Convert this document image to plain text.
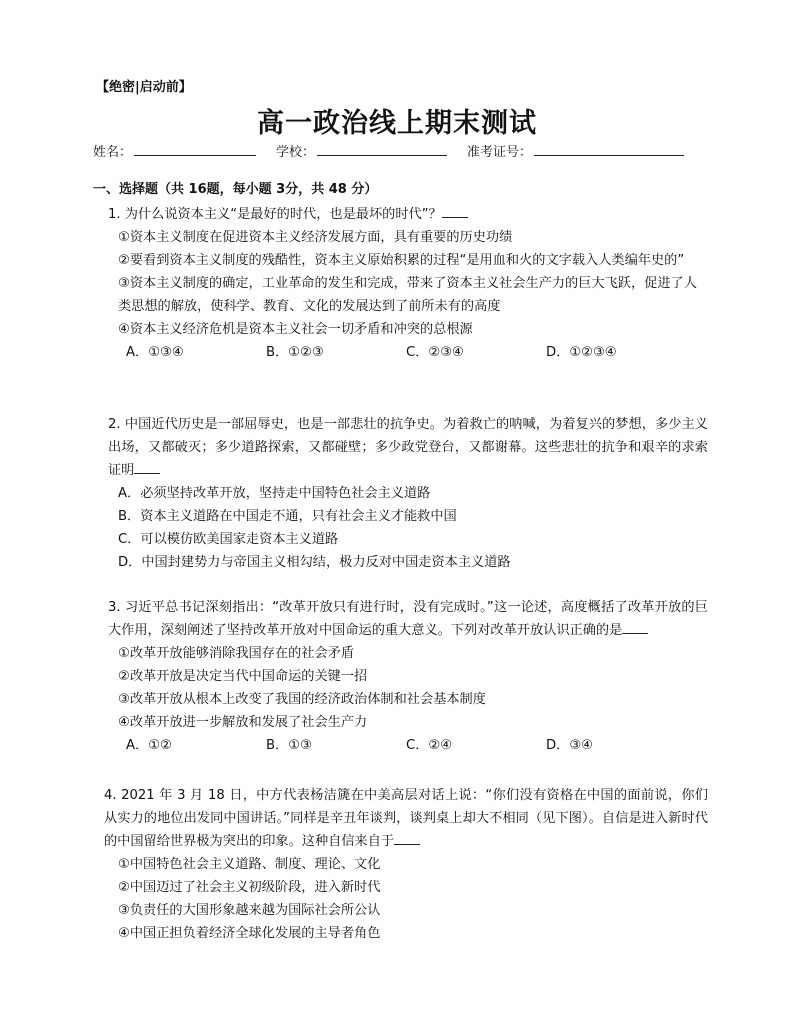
【绝密|启动前】
高一政治线上期末测试
姓名：	学校：	准考证号：
一、选择题（共 16题，每小题 3分，共 48 分）

1. 为什么说资本主义“是最好的时代，也是最坏的时代”？

①资本主义制度在促进资本主义经济发展方面，具有重要的历史功绩

②要看到资本主义制度的残酷性，资本主义原始积累的过程“是用血和火的文字载入人类编年史的”

③资本主义制度的确定，工业革命的发生和完成，带来了资本主义社会生产力的巨大飞跃，促进了人类思想的解放，使科学、教育、文化的发展达到了前所未有的高度

④资本主义经济危机是资本主义社会一切矛盾和冲突的总根源

A．①③④	B．①②③	C．②③④	D．①②③④

2. 中国近代历史是一部屈辱史，也是一部悲壮的抗争史。为着救亡的呐喊，为着复兴的梦想，多少主义出场，又都破灭；多少道路探索，又都碰壁；多少政党登台，又都谢幕。这些悲壮的抗争和艰辛的求索证明

A．必须坚持改革开放，坚持走中国特色社会主义道路

B．资本主义道路在中国走不通，只有社会主义才能救中国

C．可以模仿欧美国家走资本主义道路

D．中国封建势力与帝国主义相勾结，极力反对中国走资本主义道路

3. 习近平总书记深刻指出：“改革开放只有进行时，没有完成时。”这一论述，高度概括了改革开放的巨大作用，深刻阐述了坚持改革开放对中国命运的重大意义。下列对改革开放认识正确的是

①改革开放能够消除我国存在的社会矛盾

②改革开放是决定当代中国命运的关键一招

③改革开放从根本上改变了我国的经济政治体制和社会基本制度

④改革开放进一步解放和发展了社会生产力

A．①②	B．①③	C．②④	D．③④

4. 2021 年 3 月 18 日，中方代表杨洁篪在中美高层对话上说：“你们没有资格在中国的面前说，你们从实力的地位出发同中国讲话。”同样是辛丑年谈判，谈判桌上却大不相同（见下图）。自信是进入新时代的中国留给世界极为突出的印象。这种自信来自于

①中国特色社会主义道路、制度、理论、文化

②中国迈过了社会主义初级阶段，进入新时代

③负责任的大国形象越来越为国际社会所公认

④中国正担负着经济全球化发展的主导者角色
